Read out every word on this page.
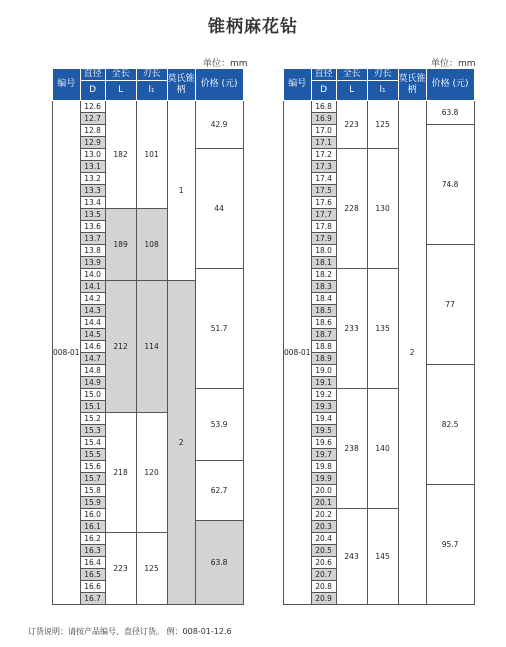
锥柄麻花钻
单位：mm	单位：mm
编号	直径	全长	刃长	莫氏锥柄	价格 (元)
	D	L	l₁		
008-01	12.6	182	101	1	42.9
	12.7				
	12.8				
	12.9				
	13.0				44
	13.1				
	13.2				
	13.3				
	13.4				
	13.5	189	108		
	13.6				
	13.7				
	13.8				
	13.9				
	14.0				51.7
	14.1	212	114	2	
	14.2				
	14.3				
	14.4				
	14.5				
	14.6				
	14.7				
	14.8				
	14.9				
	15.0				53.9
	15.1				
	15.2	218	120		
	15.3				
	15.4				
	15.5				
	15.6				62.7
	15.7				
	15.8				
	15.9				
	16.0				
	16.1				63.8
	16.2	223	125		
	16.3				
	16.4				
	16.5				
	16.6				
	16.7				
编号	直径	全长	刃长	莫氏锥柄	价格 (元)
	D	L	l₁		
008-01	16.8	223	125	2	63.8
	16.9				
	17.0				74.8
	17.1				
	17.2	228	130		
	17.3				
	17.4				
	17.5				
	17.6				
	17.7				
	17.8				
	17.9				
	18.0				77
	18.1				
	18.2	233	135		
	18.3				
	18.4				
	18.5				
	18.6				
	18.7				
	18.8				
	18.9				
	19.0				82.5
	19.1				
	19.2	238	140		
	19.3				
	19.4				
	19.5				
	19.6				
	19.7				
	19.8				
	19.9				
	20.0				95.7
	20.1				
	20.2	243	145		
	20.3				
	20.4				
	20.5				
	20.6				
	20.7				
	20.8				
	20.9				
订货说明：请按产品编号、直径订货。 例：008-01-12.6
